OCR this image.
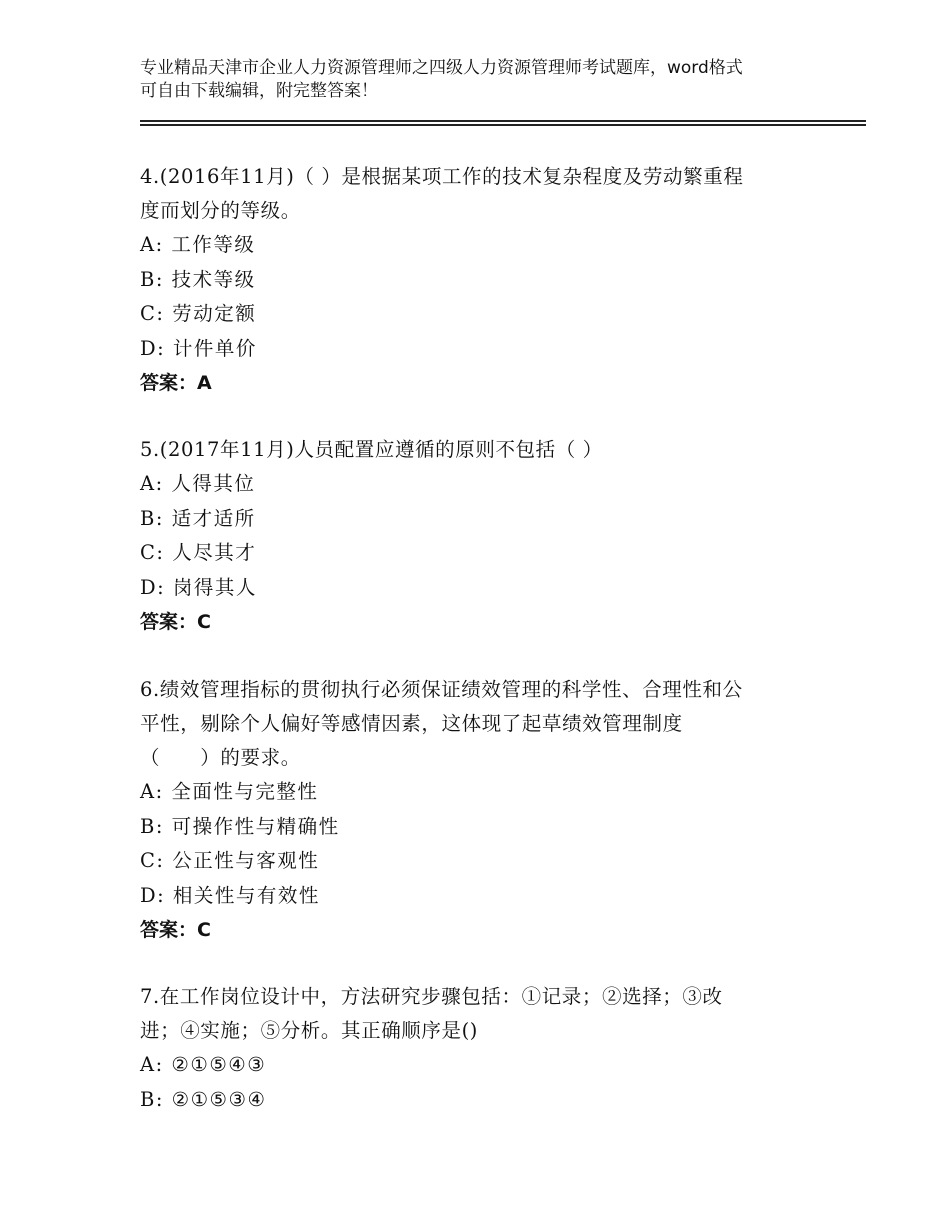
专业精品天津市企业人力资源管理师之四级人力资源管理师考试题库，word格式
可自由下载编辑，附完整答案！
4.(2016年11月)（ ）是根据某项工作的技术复杂程度及劳动繁重程
度而划分的等级。
A: 工作等级
B: 技术等级
C: 劳动定额
D: 计件单价
答案：A
5.(2017年11月)人员配置应遵循的原则不包括（ ）
A: 人得其位
B: 适才适所
C: 人尽其才
D: 岗得其人
答案：C
6.绩效管理指标的贯彻执行必须保证绩效管理的科学性、合理性和公
平性，剔除个人偏好等感情因素，这体现了起草绩效管理制度
（　　）的要求。
A: 全面性与完整性
B: 可操作性与精确性
C: 公正性与客观性
D: 相关性与有效性
答案：C
7.在工作岗位设计中，方法研究步骤包括：①记录；②选择；③改
进；④实施；⑤分析。其正确顺序是()
A: ②①⑤④③
B: ②①⑤③④
